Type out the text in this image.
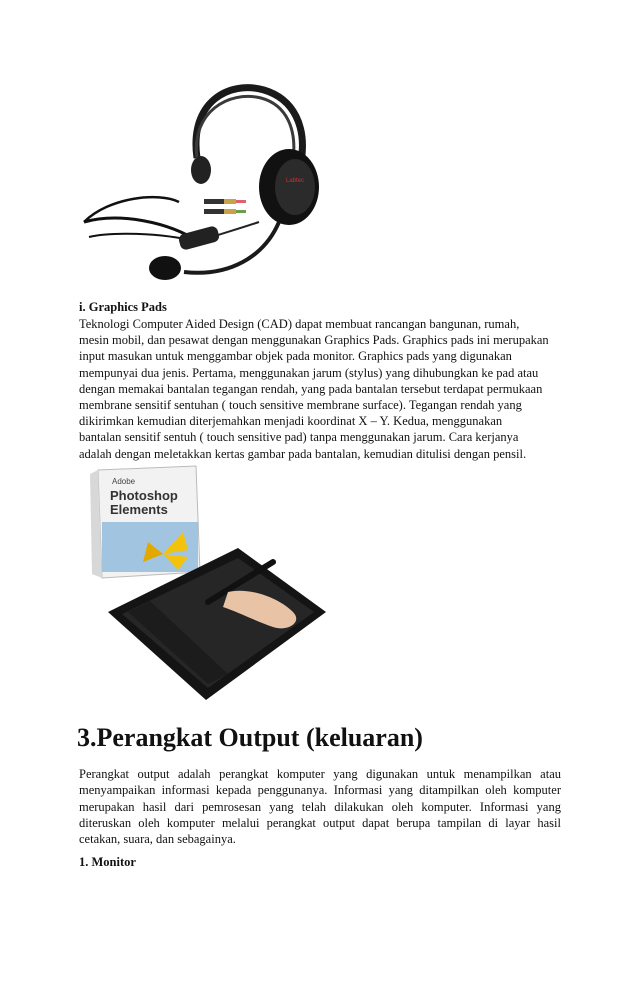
Labtec
i. Graphics Pads
Teknologi Computer Aided Design (CAD) dapat membuat rancangan bangunan, rumah,
mesin mobil, dan pesawat dengan menggunakan Graphics Pads. Graphics pads ini merupakan
input masukan untuk menggambar objek pada monitor. Graphics pads yang digunakan
mempunyai dua jenis. Pertama, menggunakan jarum (stylus) yang dihubungkan ke pad atau
dengan memakai bantalan tegangan rendah, yang pada bantalan tersebut terdapat permukaan
membrane sensitif sentuhan ( touch sensitive membrane surface). Tegangan rendah yang
dikirimkan kemudian diterjemahkan menjadi koordinat X – Y. Kedua, menggunakan
bantalan sensitif sentuh ( touch sensitive pad) tanpa menggunakan jarum. Cara kerjanya
adalah dengan meletakkan kertas gambar pada bantalan, kemudian ditulisi dengan pensil.
Adobe
Photoshop
Elements
3.Perangkat Output (keluaran)
Perangkat output adalah perangkat komputer yang digunakan untuk menampilkan atau menyampaikan informasi kepada penggunanya. Informasi yang ditampilkan oleh komputer merupakan hasil dari pemrosesan yang telah dilakukan oleh komputer. Informasi yang diteruskan oleh komputer melalui perangkat output dapat berupa tampilan di layar hasil cetakan, suara, dan sebagainya.
1. Monitor
